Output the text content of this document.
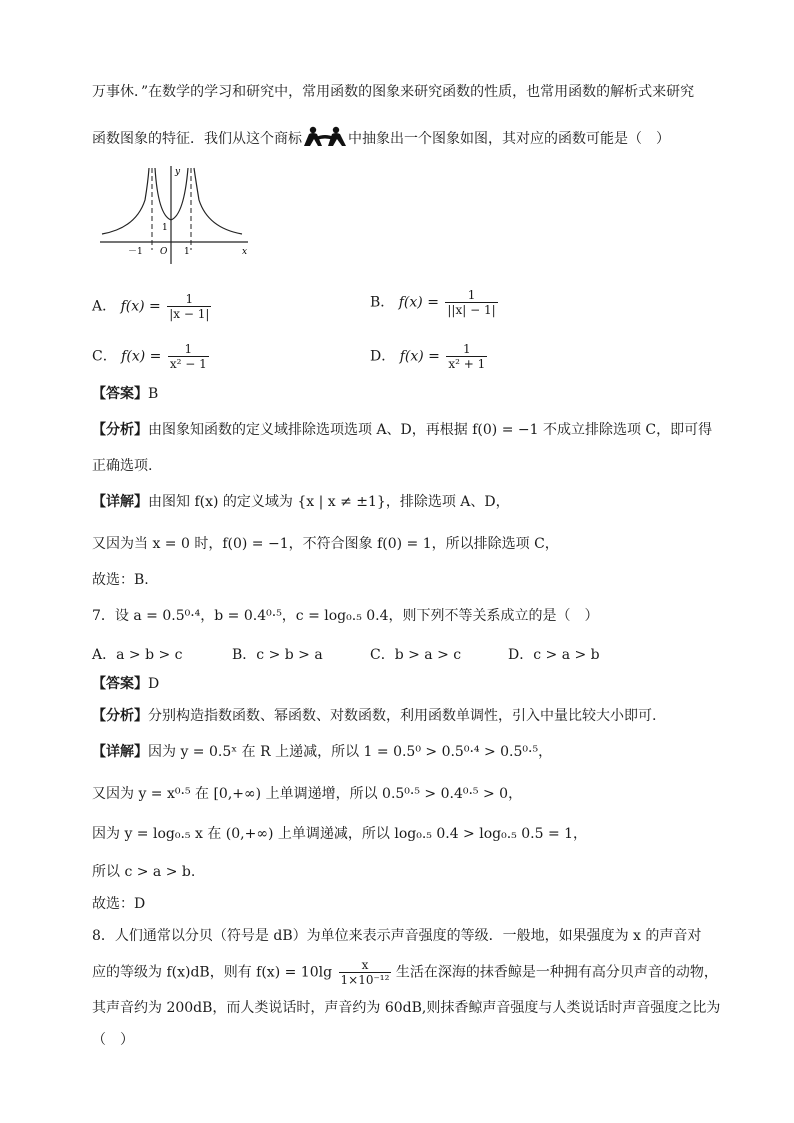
万事休．”在数学的学习和研究中，常用函数的图象来研究函数的性质，也常用函数的解析式来研究
函数图象的特征．我们从这个商标	中抽象出一个图象如图，其对应的函数可能是（　）
y
x
－1 O 1
1
A． $f(x) = \frac{1}{|x - 1|}$	B． $f(x) = \frac{1}{||x| - 1|}$
C． $f(x) = \frac{1}{\text{x² − 1}}$	D． $f(x) = \frac{1}{\text{x² + 1}}$
【答案】B
【分析】由图象知函数的定义域排除选项选项 A、D，再根据 f(0) = −1 不成立排除选项 C，即可得
正确选项.
【详解】由图知 f(x) 的定义域为 {x | x ≠ ±1}，排除选项 A、D，
又因为当 x = 0 时，f(0) = −1，不符合图象 f(0) = 1，所以排除选项 C，
故选：B.
7．设 a = 0.5⁰·⁴，b = 0.4⁰·⁵，c = log₀.₅ 0.4，则下列不等关系成立的是（　）
A．a > b > c	B．c > b > a	C．b > a > c	D．c > a > b
【答案】D
【分析】分别构造指数函数、幂函数、对数函数，利用函数单调性，引入中量比较大小即可.
【详解】因为 y = 0.5ˣ 在 R 上递减，所以 1 = 0.5⁰ > 0.5⁰·⁴ > 0.5⁰·⁵，
又因为 y = x⁰·⁵ 在 [0,+∞) 上单调递增，所以 0.5⁰·⁵ > 0.4⁰·⁵ > 0，
因为 y = log₀.₅ x 在 (0,+∞) 上单调递减，所以 log₀.₅ 0.4 > log₀.₅ 0.5 = 1，
所以 c > a > b.
故选：D
8．人们通常以分贝（符号是 dB）为单位来表示声音强度的等级．一般地，如果强度为 x 的声音对
应的等级为 f(x)dB，则有 $f(x) = 10\lg \frac{x}{\text{1×10⁻¹²}}$ 生活在深海的抹香鲸是一种拥有高分贝声音的动物，
其声音约为 200dB，而人类说话时，声音约为 60dB,则抹香鲸声音强度与人类说话时声音强度之比为
（　）
